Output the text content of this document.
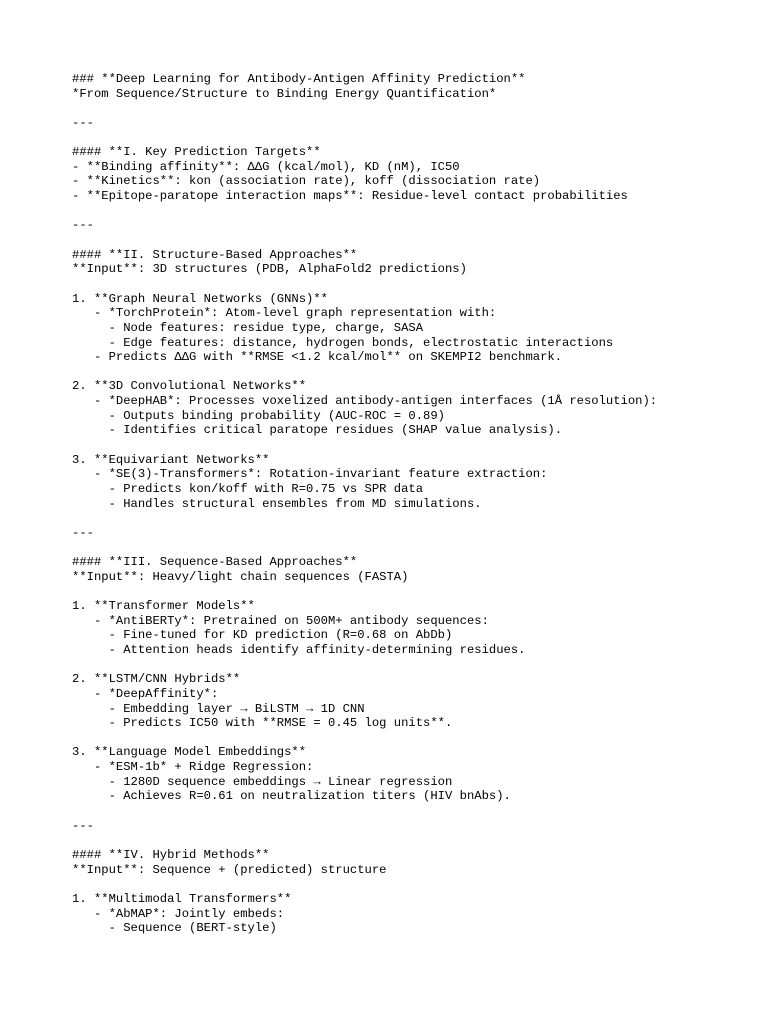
### **Deep Learning for Antibody-Antigen Affinity Prediction**
*From Sequence/Structure to Binding Energy Quantification*
---
#### **I. Key Prediction Targets**
- **Binding affinity**: ΔΔG (kcal/mol), KD (nM), IC50
- **Kinetics**: kon (association rate), koff (dissociation rate)
- **Epitope-paratope interaction maps**: Residue-level contact probabilities
---
#### **II. Structure-Based Approaches**
**Input**: 3D structures (PDB, AlphaFold2 predictions)
1. **Graph Neural Networks (GNNs)**
- *TorchProtein*: Atom-level graph representation with:
- Node features: residue type, charge, SASA
- Edge features: distance, hydrogen bonds, electrostatic interactions
- Predicts ΔΔG with **RMSE <1.2 kcal/mol** on SKEMPI2 benchmark.
2. **3D Convolutional Networks**
- *DeepHAB*: Processes voxelized antibody-antigen interfaces (1Å resolution):
- Outputs binding probability (AUC-ROC = 0.89)
- Identifies critical paratope residues (SHAP value analysis).
3. **Equivariant Networks**
- *SE(3)-Transformers*: Rotation-invariant feature extraction:
- Predicts kon/koff with R=0.75 vs SPR data
- Handles structural ensembles from MD simulations.
---
#### **III. Sequence-Based Approaches**
**Input**: Heavy/light chain sequences (FASTA)
1. **Transformer Models**
- *AntiBERTy*: Pretrained on 500M+ antibody sequences:
- Fine-tuned for KD prediction (R=0.68 on AbDb)
- Attention heads identify affinity-determining residues.
2. **LSTM/CNN Hybrids**
- *DeepAffinity*:
- Embedding layer → BiLSTM → 1D CNN
- Predicts IC50 with **RMSE = 0.45 log units**.
3. **Language Model Embeddings**
- *ESM-1b* + Ridge Regression:
- 1280D sequence embeddings → Linear regression
- Achieves R=0.61 on neutralization titers (HIV bnAbs).
---
#### **IV. Hybrid Methods**
**Input**: Sequence + (predicted) structure
1. **Multimodal Transformers**
- *AbMAP*: Jointly embeds:
- Sequence (BERT-style)
